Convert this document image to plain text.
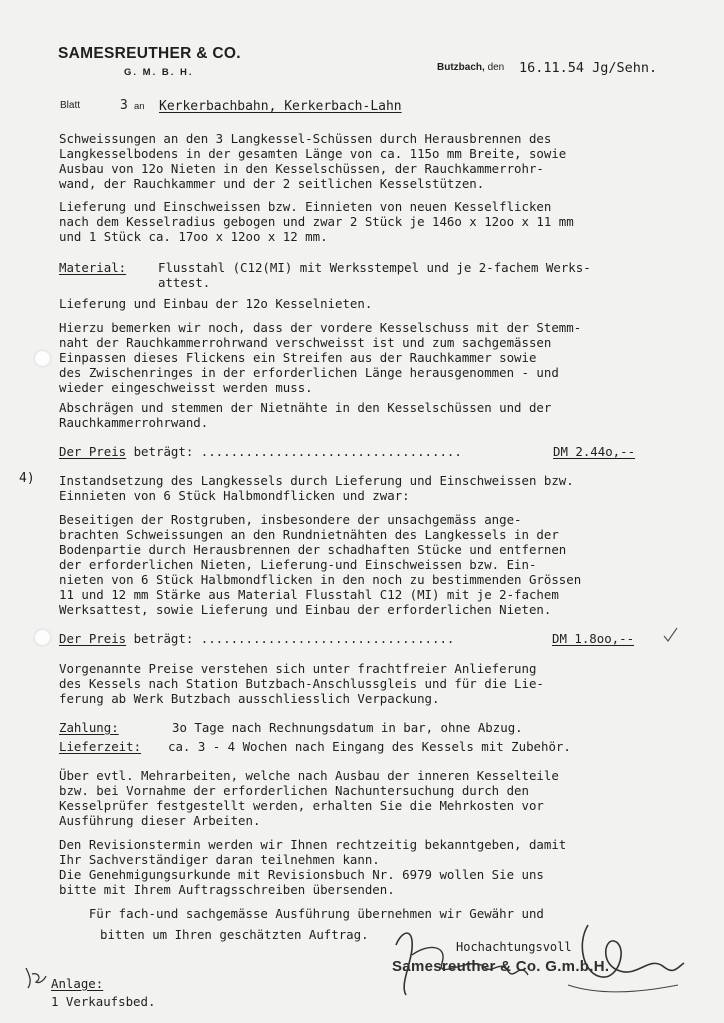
SAMESREUTHER & CO.
G. M. B. H.	Butzbach, den 16.11.54 Jg/Sehn.
Blatt	3 an Kerkerbachbahn, Kerkerbach-Lahn
Schweissungen an den 3 Langkessel-Schüssen durch Herausbrennen des
Langkesselbodens in der gesamten Länge von ca. 115o mm Breite, sowie
Ausbau von 12o Nieten in den Kesselschüssen, der Rauchkammerrohr-
wand, der Rauchkammer und der 2 seitlichen Kesselstützen.
Lieferung und Einschweissen bzw. Einnieten von neuen Kesselflicken
nach dem Kesselradius gebogen und zwar 2 Stück je 146o x 12oo x 11 mm
und 1 Stück ca. 17oo x 12oo x 12 mm.
Material:	Flusstahl (C12(MI) mit Werksstempel und je 2-fachem Werks-
attest.
Lieferung und Einbau der 12o Kesselnieten.
Hierzu bemerken wir noch, dass der vordere Kesselschuss mit der Stemm-
naht der Rauchkammerrohrwand verschweisst ist und zum sachgemässen
Einpassen dieses Flickens ein Streifen aus der Rauchkammer sowie
des Zwischenringes in der erforderlichen Länge herausgenommen - und
wieder eingeschweisst werden muss.
Abschrägen und stemmen der Nietnähte in den Kesselschüssen und der
Rauchkammerrohrwand.
Der Preis beträgt: ...................................	DM 2.44o,--
4) Instandsetzung des Langkessels durch Lieferung und Einschweissen bzw.
Einnieten von 6 Stück Halbmondflicken und zwar:
Beseitigen der Rostgruben, insbesondere der unsachgemäss ange-
brachten Schweissungen an den Rundnietnähten des Langkessels in der
Bodenpartie durch Herausbrennen der schadhaften Stücke und entfernen
der erforderlichen Nieten, Lieferung-und Einschweissen bzw. Ein-
nieten von 6 Stück Halbmondflicken in den noch zu bestimmenden Grössen
11 und 12 mm Stärke aus Material Flusstahl C12 (MI) mit je 2-fachem
Werksattest, sowie Lieferung und Einbau der erforderlichen Nieten.
Der Preis beträgt: ..................................	DM 1.8oo,--
Vorgenannte Preise verstehen sich unter frachtfreier Anlieferung
des Kessels nach Station Butzbach-Anschlussgleis und für die Lie-
ferung ab Werk Butzbach ausschliesslich Verpackung.
Zahlung:	3o Tage nach Rechnungsdatum in bar, ohne Abzug.
Lieferzeit: ca. 3 - 4 Wochen nach Eingang des Kessels mit Zubehör.
Über evtl. Mehrarbeiten, welche nach Ausbau der inneren Kesselteile
bzw. bei Vornahme der erforderlichen Nachuntersuchung durch den
Kesselprüfer festgestellt werden, erhalten Sie die Mehrkosten vor
Ausführung dieser Arbeiten.
Den Revisionstermin werden wir Ihnen rechtzeitig bekanntgeben, damit
Ihr Sachverständiger daran teilnehmen kann.
Die Genehmigungsurkunde mit Revisionsbuch Nr. 6979 wollen Sie uns
bitte mit Ihrem Auftragsschreiben übersenden.
Für fach-und sachgemässe Ausführung übernehmen wir Gewähr und
bitten um Ihren geschätzten Auftrag.
Hochachtungsvoll
Samesreuther & Co. G.m.b.H.
Anlage:
1 Verkaufsbed.
